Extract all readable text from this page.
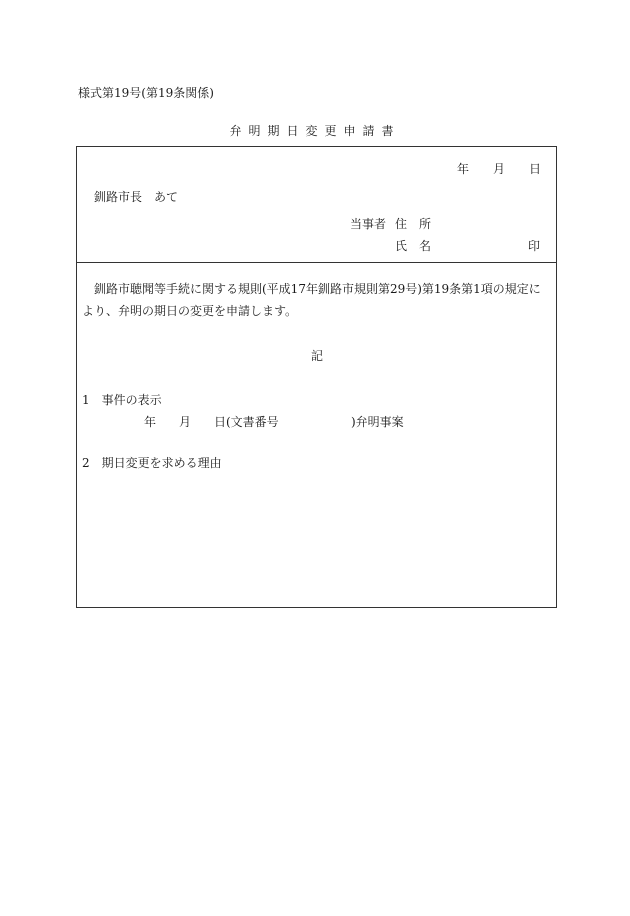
様式第19号(第19条関係)
弁明期日変更申請書
年 月 日
釧路市長　あて
当事者 住　所
氏　名	印
釧路市聴聞等手続に関する規則(平成17年釧路市規則第29号)第19条第1項の規定により、弁明の期日の変更を申請します。
記
1　事件の表示
年 月 日(文書番号	)弁明事案
2　期日変更を求める理由
